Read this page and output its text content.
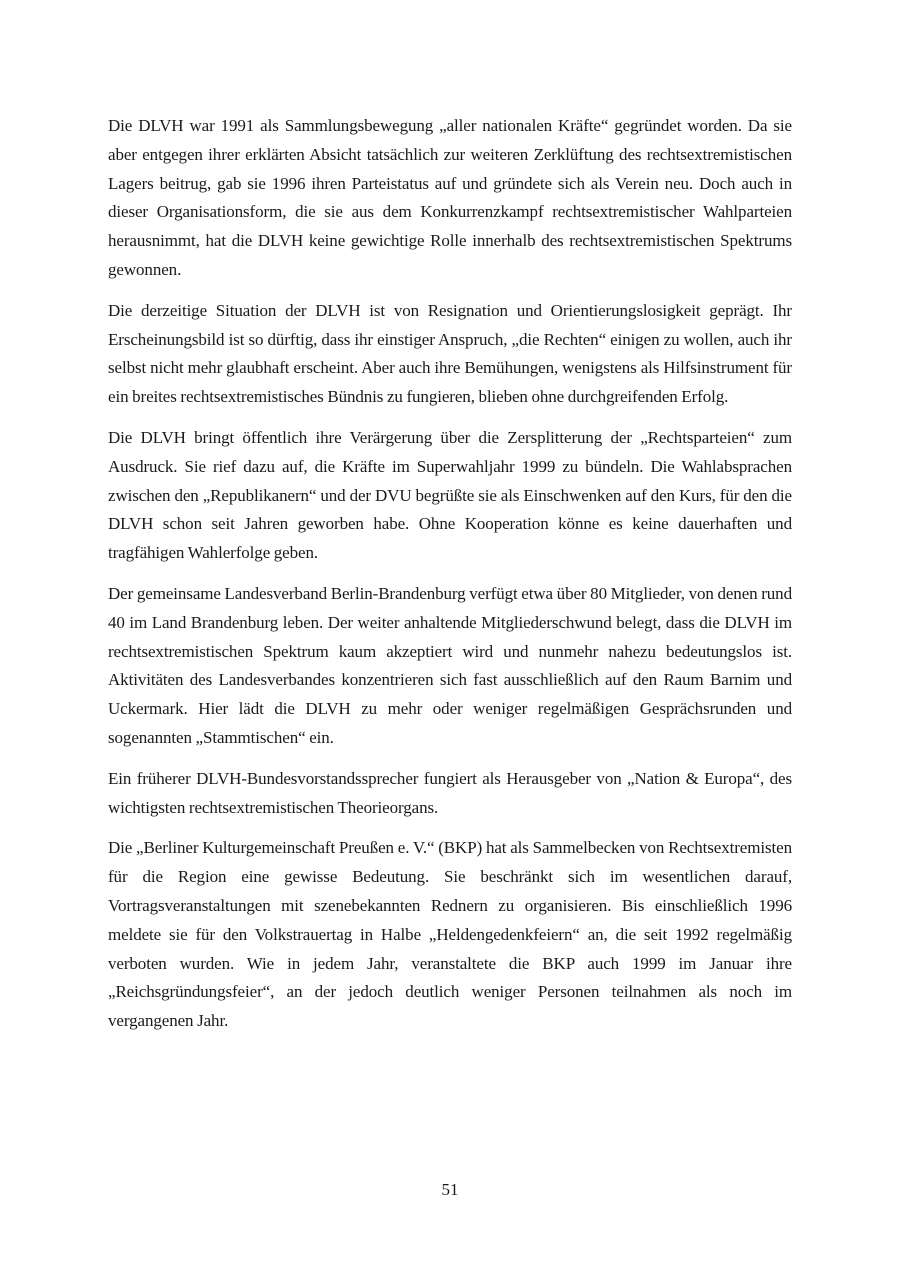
Die DLVH war 1991 als Sammlungsbewegung „aller nationalen Kräfte“ gegründet worden. Da sie aber entgegen ihrer erklärten Absicht tatsächlich zur weiteren Zerklüftung des rechtsextremistischen Lagers beitrug, gab sie 1996 ihren Parteistatus auf und gründete sich als Verein neu. Doch auch in dieser Organisationsform, die sie aus dem Konkurrenzkampf rechtsextremistischer Wahlparteien herausnimmt, hat die DLVH keine gewichtige Rolle innerhalb des rechtsextremistischen Spektrums gewonnen.

Die derzeitige Situation der DLVH ist von Resignation und Orientierungslosigkeit geprägt. Ihr Erscheinungsbild ist so dürftig, dass ihr einstiger Anspruch, „die Rechten“ einigen zu wollen, auch ihr selbst nicht mehr glaubhaft erscheint. Aber auch ihre Bemühungen, wenigstens als Hilfsinstrument für ein breites rechtsextremistisches Bündnis zu fungieren, blieben ohne durchgreifenden Erfolg.

Die DLVH bringt öffentlich ihre Verärgerung über die Zersplitterung der „Rechtsparteien“ zum Ausdruck. Sie rief dazu auf, die Kräfte im Superwahljahr 1999 zu bündeln. Die Wahlabsprachen zwischen den „Republikanern“ und der DVU begrüßte sie als Einschwenken auf den Kurs, für den die DLVH schon seit Jahren geworben habe. Ohne Kooperation könne es keine dauerhaften und tragfähigen Wahlerfolge geben.

Der gemeinsame Landesverband Berlin-Brandenburg verfügt etwa über 80 Mitglieder, von denen rund 40 im Land Brandenburg leben. Der weiter anhaltende Mitgliederschwund belegt, dass die DLVH im rechtsextremistischen Spektrum kaum akzeptiert wird und nunmehr nahezu bedeutungslos ist. Aktivitäten des Landesverbandes konzentrieren sich fast ausschließlich auf den Raum Barnim und Uckermark. Hier lädt die DLVH zu mehr oder weniger regelmäßigen Gesprächsrunden und sogenannten „Stammtischen“ ein.

Ein früherer DLVH-Bundesvorstandssprecher fungiert als Herausgeber von „Nation & Europa“, des wichtigsten rechtsextremistischen Theorieorgans.

Die „Berliner Kulturgemeinschaft Preußen e. V.“ (BKP) hat als Sammelbecken von Rechtsextremisten für die Region eine gewisse Bedeutung. Sie beschränkt sich im wesentlichen darauf, Vortragsveranstaltungen mit szenebekannten Rednern zu organisieren. Bis einschließlich 1996 meldete sie für den Volkstrauertag in Halbe „Heldengedenkfeiern“ an, die seit 1992 regelmäßig verboten wurden. Wie in jedem Jahr, veranstaltete die BKP auch 1999 im Januar ihre „Reichsgründungsfeier“, an der jedoch deutlich weniger Personen teilnahmen als noch im vergangenen Jahr.

51
